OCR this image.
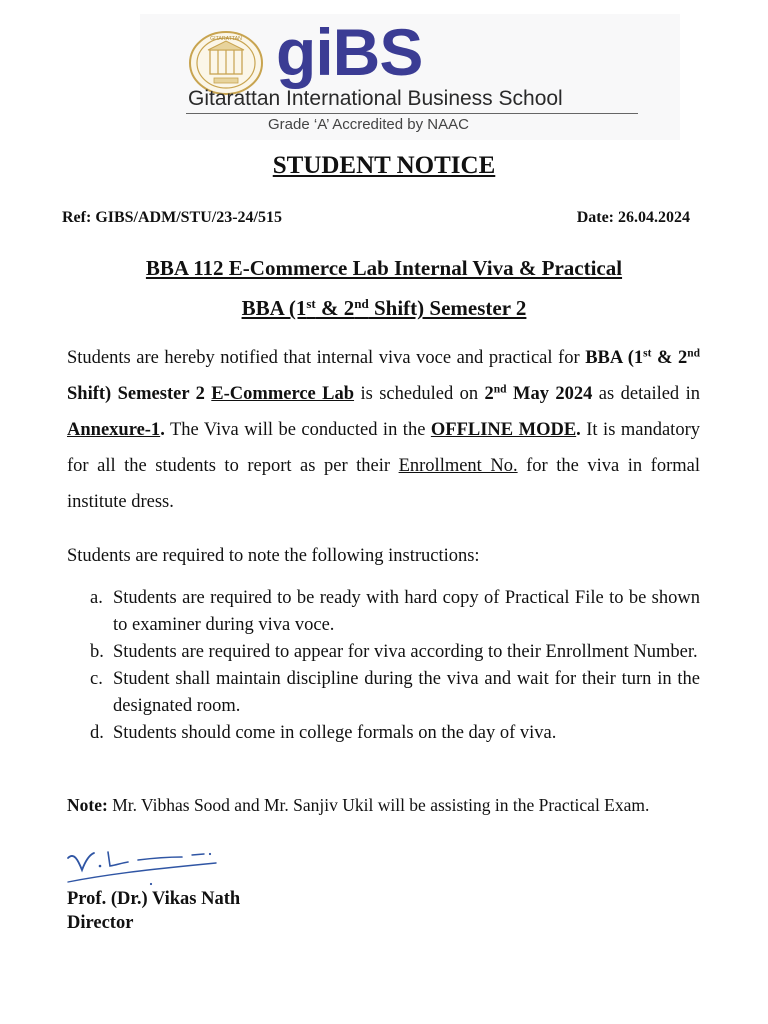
GITARATTAN giBS
Gitarattan International Business School
Grade ‘A’ Accredited by NAAC
STUDENT NOTICE
Ref: GIBS/ADM/STU/23-24/515	Date: 26.04.2024
BBA 112 E-Commerce Lab Internal Viva & Practical
BBA (1st & 2nd Shift) Semester 2
Students are hereby notified that internal viva voce and practical for BBA (1st & 2nd Shift) Semester 2 E-Commerce Lab is scheduled on 2nd May 2024 as detailed in Annexure-1. The Viva will be conducted in the OFFLINE MODE. It is mandatory for all the students to report as per their Enrollment No. for the viva in formal institute dress.
Students are required to note the following instructions:
a. Students are required to be ready with hard copy of Practical File to be shown to examiner during viva voce.
b. Students are required to appear for viva according to their Enrollment Number.
c. Student shall maintain discipline during the viva and wait for their turn in the designated room.
d. Students should come in college formals on the day of viva.
Note: Mr. Vibhas Sood and Mr. Sanjiv Ukil will be assisting in the Practical Exam.
Prof. (Dr.) Vikas Nath
Director
